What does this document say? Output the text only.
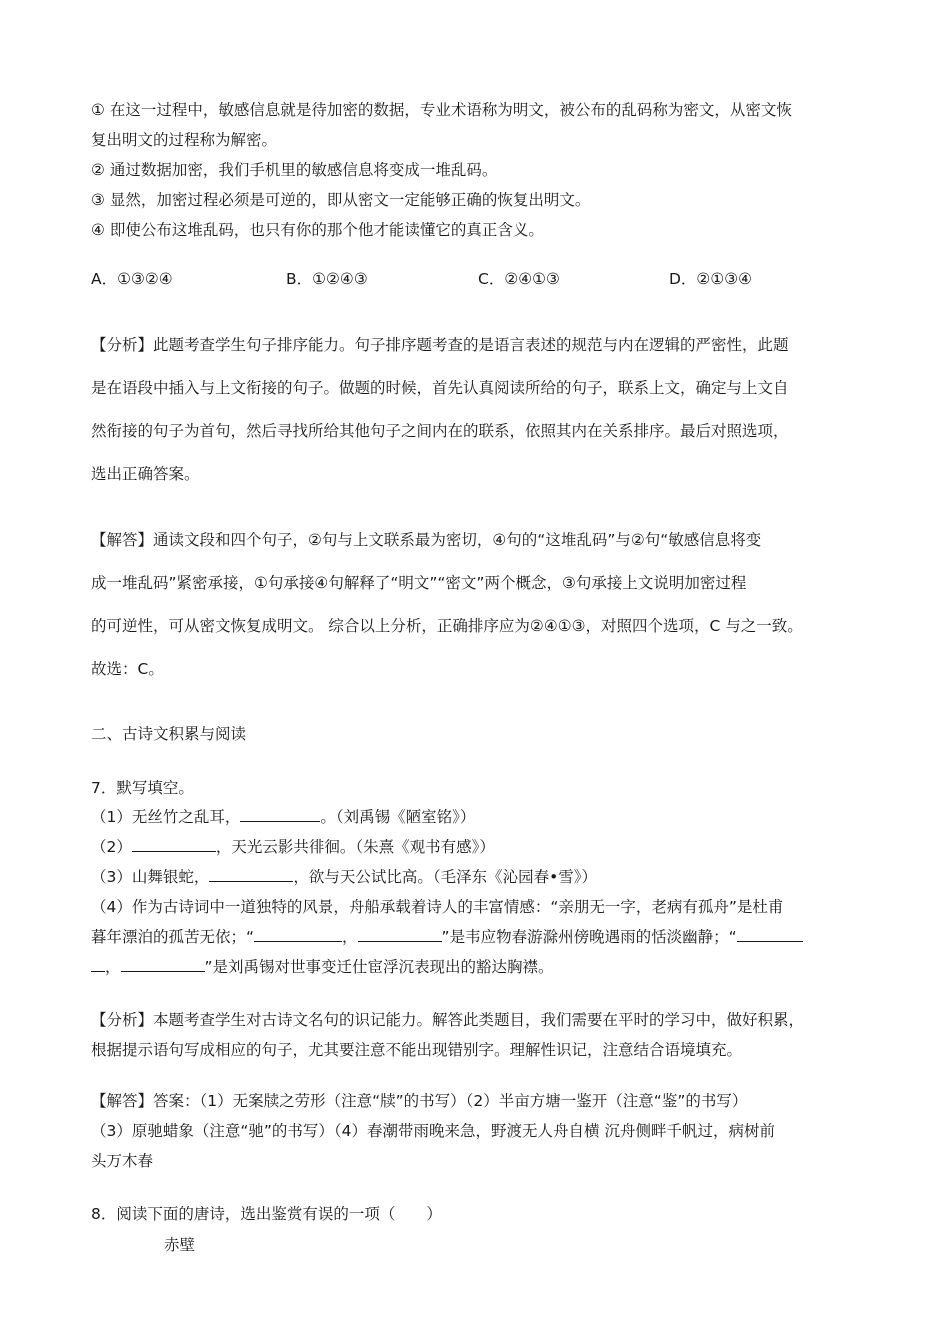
① 在这一过程中，敏感信息就是待加密的数据，专业术语称为明文，被公布的乱码称为密文，从密文恢
复出明文的过程称为解密。
② 通过数据加密，我们手机里的敏感信息将变成一堆乱码。
③ 显然，加密过程必须是可逆的，即从密文一定能够正确的恢复出明文。
④ 即使公布这堆乱码，也只有你的那个他才能读懂它的真正含义。
A．①③②④	B．①②④③	C．②④①③	D．②①③④
【分析】此题考查学生句子排序能力。句子排序题考查的是语言表述的规范与内在逻辑的严密性，此题
是在语段中插入与上文衔接的句子。做题的时候，首先认真阅读所给的句子，联系上文，确定与上文自
然衔接的句子为首句，然后寻找所给其他句子之间内在的联系，依照其内在关系排序。最后对照选项，
选出正确答案。
【解答】通读文段和四个句子，②句与上文联系最为密切，④句的“这堆乱码”与②句“敏感信息将变
成一堆乱码”紧密承接，①句承接④句解释了“明文”“密文”两个概念，③句承接上文说明加密过程
的可逆性，可从密文恢复成明文。 综合以上分析，正确排序应为②④①③，对照四个选项，C 与之一致。
故选：C。
二、古诗文积累与阅读
7．默写填空。
（1）无丝竹之乱耳，	。（刘禹锡《陋室铭》）
（2）	，天光云影共徘徊。（朱熹《观书有感》）
（3）山舞银蛇，	，欲与天公试比高。（毛泽东《沁园春•雪》）
（4）作为古诗词中一道独特的风景，舟船承载着诗人的丰富情感：“亲朋无一字，老病有孤舟”是杜甫
暮年漂泊的孤苦无依；“	，	”是韦应物春游滁州傍晚遇雨的恬淡幽静；“
，	”是刘禹锡对世事变迁仕宦浮沉表现出的豁达胸襟。
【分析】本题考查学生对古诗文名句的识记能力。解答此类题目，我们需要在平时的学习中，做好积累，
根据提示语句写成相应的句子，尤其要注意不能出现错别字。理解性识记，注意结合语境填充。
【解答】答案：（1）无案牍之劳形（注意“牍”的书写）（2）半亩方塘一鉴开（注意“鉴”的书写）
（3）原驰蜡象（注意“驰”的书写）（4）春潮带雨晚来急，野渡无人舟自横 沉舟侧畔千帆过，病树前
头万木春
8．阅读下面的唐诗，选出鉴赏有误的一项（　　）
赤壁
